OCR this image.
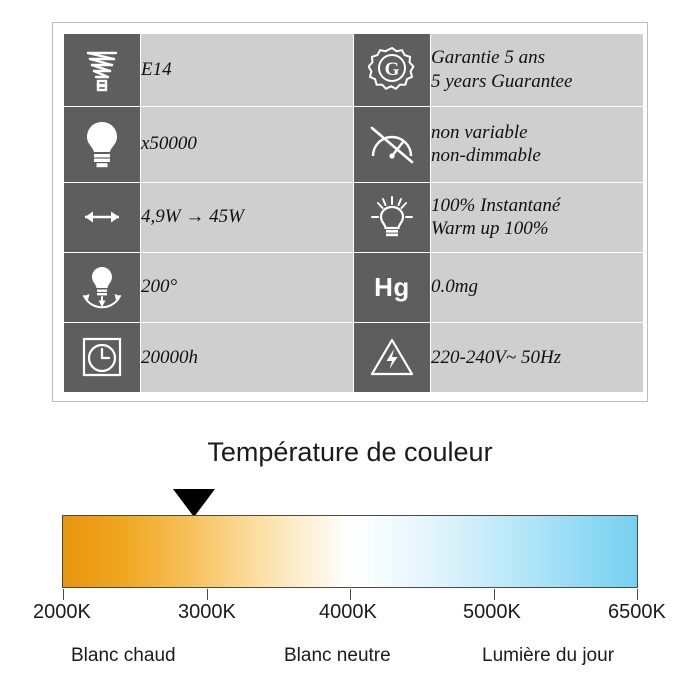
	E14	G	Garantie 5 ans
5 years Guarantee

	x50000		non variable
non-dimmable

	4,9W → 45W		100% Instantané
Warm up 100%

	200°	Hg	0.0mg

	20000h		220-240V~ 50Hz
Température de couleur
2000K	3000K	4000K	5000K	6500K
Blanc chaud	Blanc neutre	Lumière du jour
